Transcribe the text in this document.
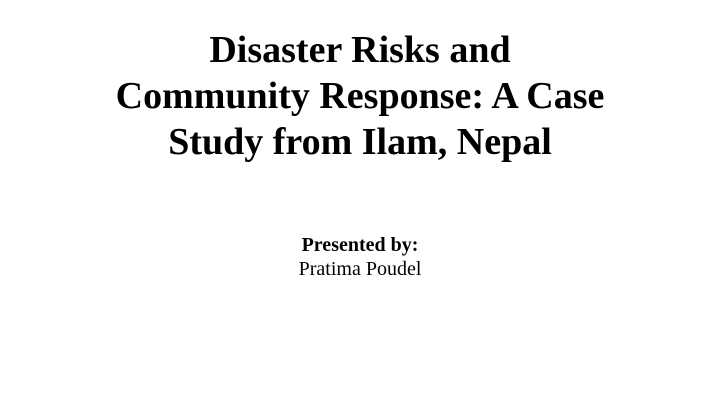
Disaster Risks and
Community Response: A Case
Study from Ilam, Nepal
Presented by:
Pratima Poudel
